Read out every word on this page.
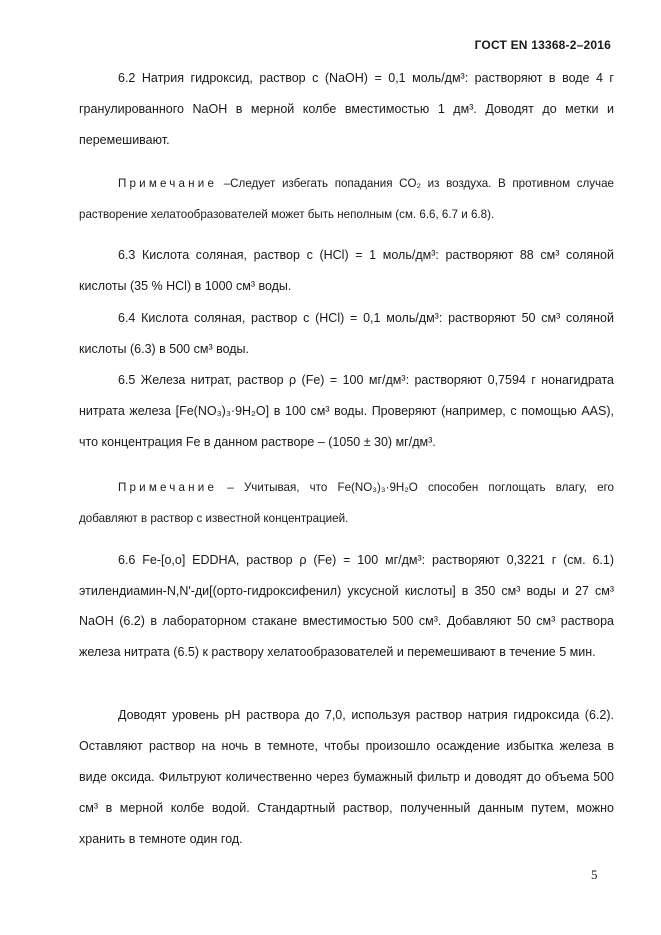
ГОСТ EN 13368-2–2016

6.2 Натрия гидроксид, раствор c (NaOH) = 0,1 моль/дм³: растворяют в воде 4 г гранулированного NaOH в мерной колбе вместимостью 1 дм³. Доводят до метки и перемешивают.

Примечание –Следует избегать попадания CO₂ из воздуха. В противном случае растворение хелатообразователей может быть неполным (см. 6.6, 6.7 и 6.8).

6.3 Кислота соляная, раствор c (HCl) = 1 моль/дм³: растворяют 88 см³ соляной кислоты (35 % HCl) в 1000 см³ воды.

6.4 Кислота соляная, раствор c (HCl) = 0,1 моль/дм³: растворяют 50 см³ соляной кислоты (6.3) в 500 см³ воды.

6.5 Железа нитрат, раствор ρ (Fe) = 100 мг/дм³: растворяют 0,7594 г нонагидрата нитрата железа [Fe(NO₃)₃·9H₂O] в 100 см³ воды. Проверяют (например, с помощью AAS), что концентрация Fe в данном растворе – (1050 ± 30) мг/дм³.

Примечание – Учитывая, что Fe(NO₃)₃·9H₂O способен поглощать влагу, его добавляют в раствор с известной концентрацией.

6.6 Fe-[o,o] EDDHA, раствор ρ (Fe) = 100 мг/дм³: растворяют 0,3221 г (см. 6.1) этилендиамин-N,N′-ди[(орто-гидроксифенил) уксусной кислоты] в 350 см³ воды и 27 см³ NaOH (6.2) в лабораторном стакане вместимостью 500 см³. Добавляют 50 см³ раствора железа нитрата (6.5) к раствору хелатообразователей и перемешивают в течение 5 мин.

Доводят уровень pH раствора до 7,0, используя раствор натрия гидроксида (6.2). Оставляют раствор на ночь в темноте, чтобы произошло осаждение избытка железа в виде оксида. Фильтруют количественно через бумажный фильтр и доводят до объема 500 см³ в мерной колбе водой. Стандартный раствор, полученный данным путем, можно хранить в темноте один год.

5
